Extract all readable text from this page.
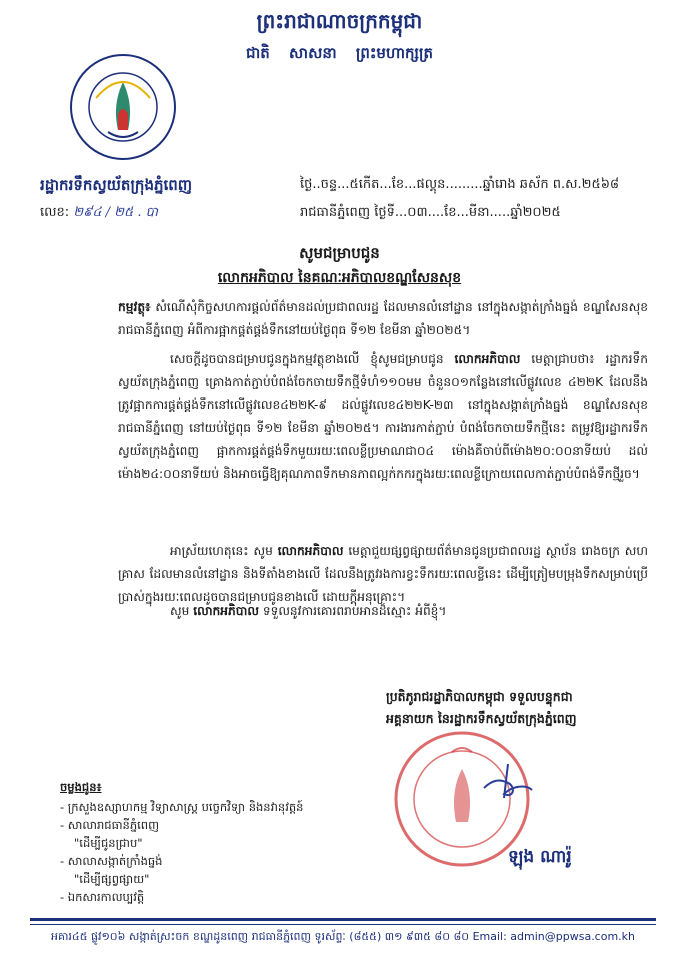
ព្រះរាជាណាចក្រកម្ពុជា
ជាតិ សាសនា ព្រះមហាក្សត្រ
រដ្ឋាករទឹកស្វយ័តក្រុងភ្នំពេញ
លេខ: ២៩៤ / ២៥ . បា
ថ្ងៃ..ចន្ទ...៥កើត...ខែ...ផល្គុន.........ឆ្នាំរោង ឆស័ក ព.ស.២៥៦៨
រាជធានីភ្នំពេញ ថ្ងៃទី...០៣....ខែ...មីនា.....ឆ្នាំ២០២៥
សូមជម្រាបជូន
លោកអភិបាល នៃគណៈអភិបាលខណ្ឌសែនសុខ
កម្មវត្ថុ៖ សំណើសុំកិច្ចសហការផ្តល់ព័ត៌មានដល់ប្រជាពលរដ្ឋ ដែលមានលំនៅដ្ឋាន នៅក្នុងសង្កាត់ក្រាំងធ្នង់ ខណ្ឌសែនសុខ រាជធានីភ្នំពេញ អំពីការផ្អាកផ្គត់ផ្គង់ទឹកនៅយប់ថ្ងៃពុធ ទី១២ ខែមីនា ឆ្នាំ២០២៥។
សេចក្តីដូចបានជម្រាបជូនក្នុងកម្មវត្ថុខាងលើ ខ្ញុំសូមជម្រាបជូន លោកអភិបាល មេត្តាជ្រាបថា៖ រដ្ឋាករទឹកស្វយ័តក្រុងភ្នំពេញ គ្រោងកាត់ភ្ជាប់បំពង់ចែកចាយទឹកថ្មីទំហំ១១០មម ចំនួន០១កន្លែងនៅលើផ្លូវលេខ ៤២២K ដែលនឹងត្រូវផ្អាកការផ្គត់ផ្គង់ទឹកនៅលើផ្លូវលេខ៤២២K-៩ ដល់ផ្លូវលេខ៤២២K-២៣ នៅក្នុងសង្កាត់ក្រាំងធ្នង់ ខណ្ឌសែនសុខ រាជធានីភ្នំពេញ នៅយប់ថ្ងៃពុធ ទី១២ ខែមីនា ឆ្នាំ២០២៥។ ការងារកាត់ភ្ជាប់ បំពង់ចែកចាយទឹកថ្មីនេះ តម្រូវឱ្យរដ្ឋាករទឹកស្វយ័តក្រុងភ្នំពេញ ផ្អាកការផ្គត់ផ្គង់ទឹកមួយរយៈពេលខ្លីប្រមាណជា០៤ ម៉ោងគឺចាប់ពីម៉ោង២០:០០នាទីយប់ ដល់ម៉ោង២៤:០០នាទីយប់ និងអាចធ្វើឱ្យគុណភាពទឹកមានភាពល្អក់កករក្នុងរយៈពេលខ្លីក្រោយពេលកាត់ភ្ជាប់បំពង់ទឹកថ្មីរួច។
អាស្រ័យហេតុនេះ សូម លោកអភិបាល មេត្តាជួយផ្សព្វផ្សាយព័ត៌មានជូនប្រជាពលរដ្ឋ ស្ថាប័ន រោងចក្រ សហគ្រាស ដែលមានលំនៅដ្ឋាន និងទីតាំងខាងលើ ដែលនឹងត្រូវរងការខ្វះទឹករយៈពេលខ្លីនេះ ដើម្បីត្រៀមបម្រុងទឹកសម្រាប់ប្រើប្រាស់ក្នុងរយៈពេលដូចបានជម្រាបជូនខាងលើ ដោយក្តីអនុគ្រោះ។
សូម លោកអភិបាល ទទួលនូវការគោរពរាប់អានដ៏ស្មោះ អំពីខ្ញុំ។
ប្រតិភូរាជរដ្ឋាភិបាលកម្ពុជា ទទួលបន្ទុកជា
អគ្គនាយក នៃរដ្ឋាករទឹកស្វយ័តក្រុងភ្នំពេញ
ឡុង ណារ៉ូ
ចម្លងជូន៖
- ក្រសួងឧស្សាហកម្ម វិទ្យាសាស្ត្រ បច្ចេកវិទ្យា និងនវានុវត្តន៍
- សាលារាជធានីភ្នំពេញ
"ដើម្បីជូនជ្រាប"
- សាលាសង្កាត់ក្រាំងធ្នង់
"ដើម្បីផ្សព្វផ្សាយ"
- ឯកសារកាលប្បវត្តិ
អគារ៤៥ ផ្លូវ១០៦ សង្កាត់ស្រះចក ខណ្ឌដូនពេញ រាជធានីភ្នំពេញ ទូរស័ព្ទៈ (៨៥៥) ៣១ ៩៣៥ ៨០ ៨០ Email: admin@ppwsa.com.kh
